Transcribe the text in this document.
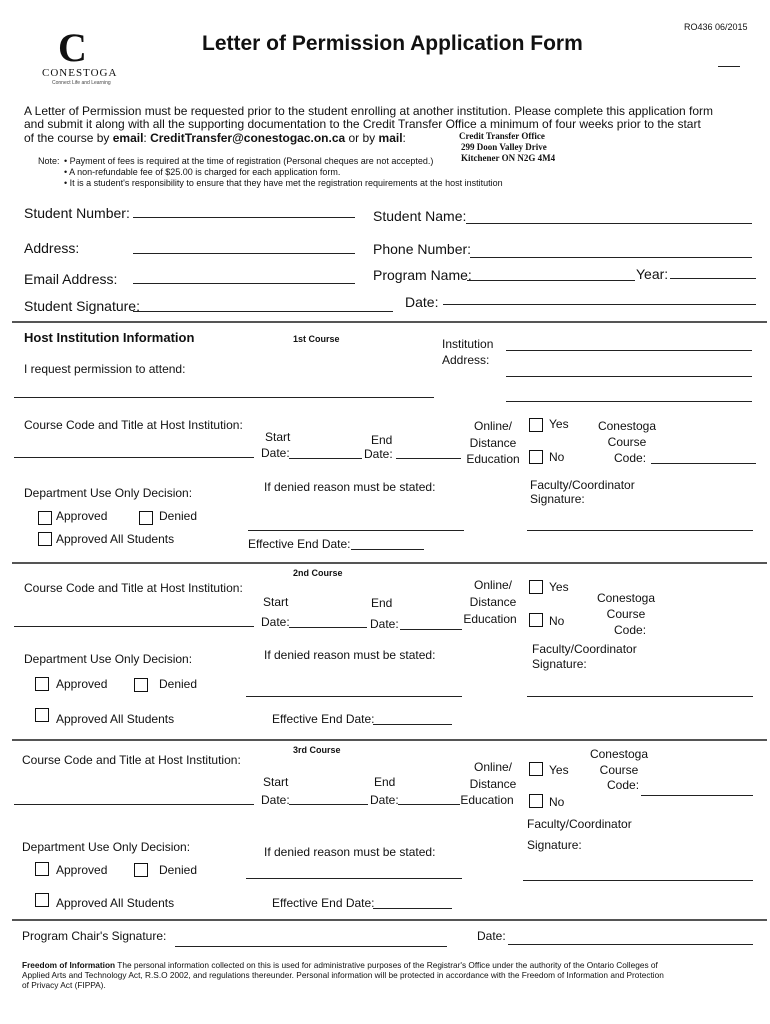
RO436 06/2015
C
CONESTOGA
Connect Life and Learning
Letter of Permission Application Form
A Letter of Permission must be requested prior to the student enrolling at another institution. Please complete this application form
and submit it along with all the supporting documentation to the Credit Transfer Office a minimum of four weeks prior to the start
of the course by email: CreditTransfer@conestogac.on.ca or by mail:	Credit Transfer Office
299 Doon Valley Drive
Kitchener ON N2G 4M4
Note: • Payment of fees is required at the time of registration (Personal cheques are not accepted.)
• A non-refundable fee of $25.00 is charged for each application form.
• It is a student's responsibility to ensure that they have met the registration requirements at the host institution
Student Number:	Student Name:
Address:	Phone Number:
Email Address:	Program Name:	Year:
Student Signature:	Date:
Host Institution Information	1st Course	Institution
Address:
I request permission to attend:
Course Code and Title at Host Institution:
Start
Date:
End
Date:
Online/
Distance
Education
Yes
No
Conestoga
Course
Code:
Department Use Only Decision:	If denied reason must be stated:	Faculty/Coordinator
Signature:
Approved	Denied
Approved All Students	Effective End Date:
2nd Course
Course Code and Title at Host Institution:
Start
Date:
End
Date:
Online/
Distance
Education
Yes
No
Conestoga
Course
Code:
Department Use Only Decision:	If denied reason must be stated:	Faculty/Coordinator
Signature:
Approved	Denied
Approved All Students	Effective End Date:
3rd Course
Course Code and Title at Host Institution:
Start
Date:
End
Date:
Online/
Distance
Education
Yes
No
Conestoga
Course
Code:
Faculty/Coordinator
Signature:
Department Use Only Decision:	If denied reason must be stated:
Approved	Denied
Approved All Students	Effective End Date:
Program Chair's Signature:	Date:
Freedom of Information The personal information collected on this is used for administrative purposes of the Registrar's Office under the authority of the Ontario Colleges of
Applied Arts and Technology Act, R.S.O 2002, and regulations thereunder. Personal information will be protected in accordance with the Freedom of Information and Protection
of Privacy Act (FIPPA).
